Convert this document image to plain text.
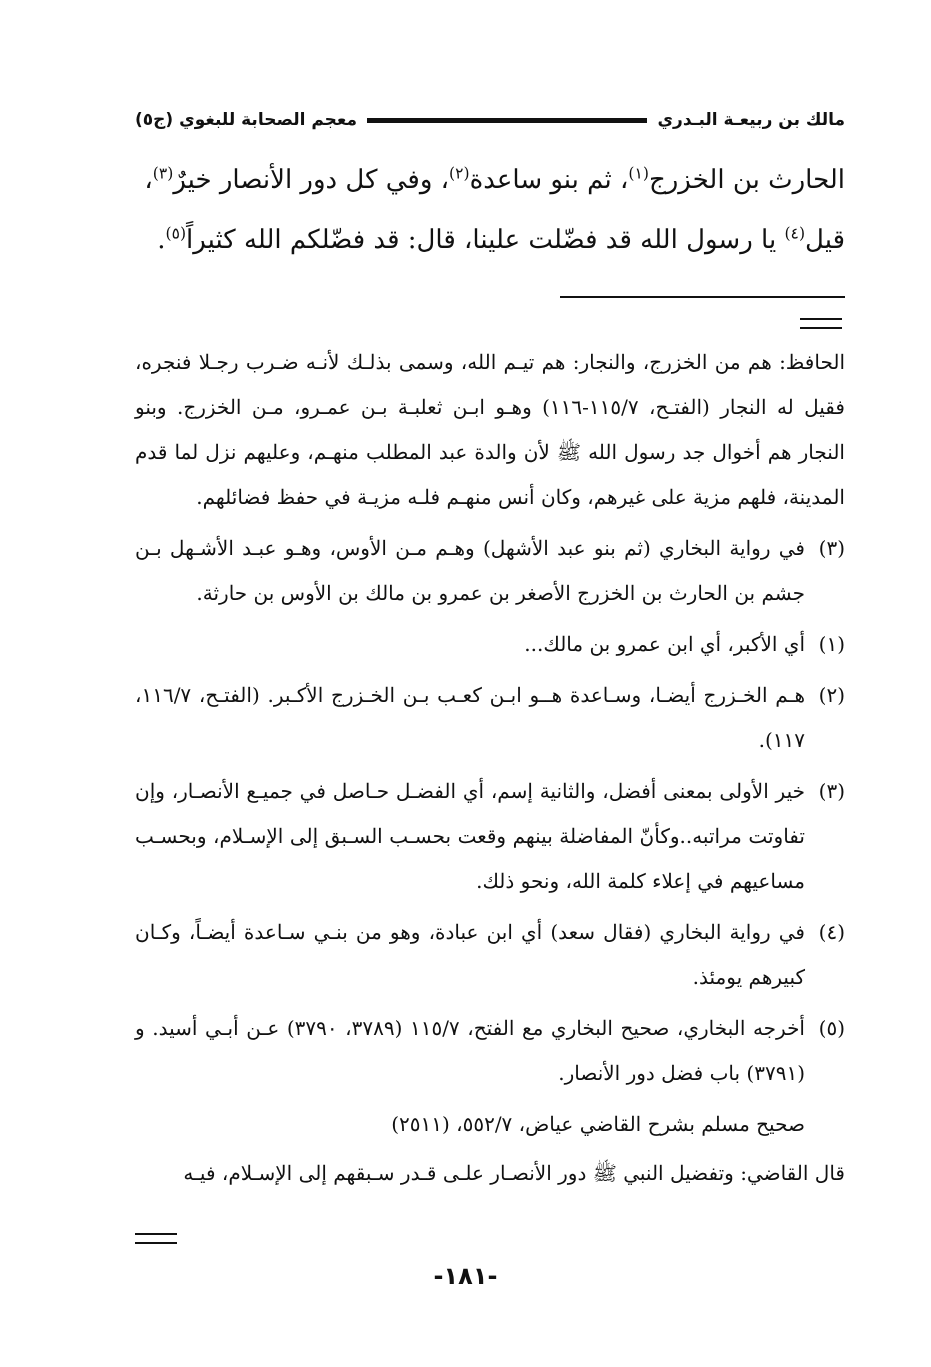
مالك بن ربيعـة البـدري
معجم الصحابة للبغوي (ج٥)

الحارث بن الخزرج$^{(١)}$، ثم بنو ساعدة$^{(٢)}$، وفي كل دور الأنصار خيرٌ$^{(٣)}$،

قيل$^{(٤)}$ يا رسول الله قد فضّلت علينا، قال: قد فضّلكم الله كثيراً$^{(٥)}$.

الحافظ: هم من الخزرج، والنجار: هم تيـم الله، وسمى بذلـك لأنـه ضـرب رجـلا فنجره، فقيل له النجار (الفتـح، ١١٥/٧-١١٦) وهـو ابـن ثعلبـة بـن عمـرو، مـن الخزرج. وبنو النجار هم أخوال جد رسول الله ﷺ لأن والدة عبد المطلب منهـم، وعليهم نزل لما قدم المدينة، فلهم مزية على غيرهم، وكان أنس منهـم فلـه مزيـة في حفظ فضائلهم.

(٣)
في رواية البخاري (ثم بنو عبد الأشهل) وهـم مـن الأوس، وهـو عبـد الأشـهل بـن جشم بن الحارث بن الخزرج الأصغر بن عمرو بن مالك بن الأوس بن حارثة.
(١)
أي الأكبر، أي ابن عمرو بن مالك...
(٢)
هـم الخـزرج أيضـا، وسـاعدة هــو ابـن كعـب بـن الخـزرج الأكـبر. (الفتـح، ١١٦/٧، ١١٧).
(٣)
خير الأولى بمعنى أفضل، والثانية إسم، أي الفضـل حـاصل في جميـع الأنصـار، وإن تفاوتت مراتبه..وكأنّ المفاضلة بينهم وقعت بحسـب السـبق إلى الإسـلام، وبحسـب مساعيهم في إعلاء كلمة الله، ونحو ذلك.
(٤)
في رواية البخاري (فقال سعد) أي ابن عبادة، وهو من بنـي سـاعدة أيضـاً، وكـان كبيرهم يومئذ.
(٥)
أخرجه البخاري، صحيح البخاري مع الفتح، ١١٥/٧ (٣٧٨٩، ٣٧٩٠) عـن أبـي أسيد. و (٣٧٩١) باب فضل دور الأنصار.

صحيح مسلم بشرح القاضي عياض، ٥٥٢/٧، (٢٥١١)

قال القاضي: وتفضيل النبي ﷺ دور الأنصـار علـى قـدر سـبقهم إلى الإسـلام، فيـه

-١٨١-
